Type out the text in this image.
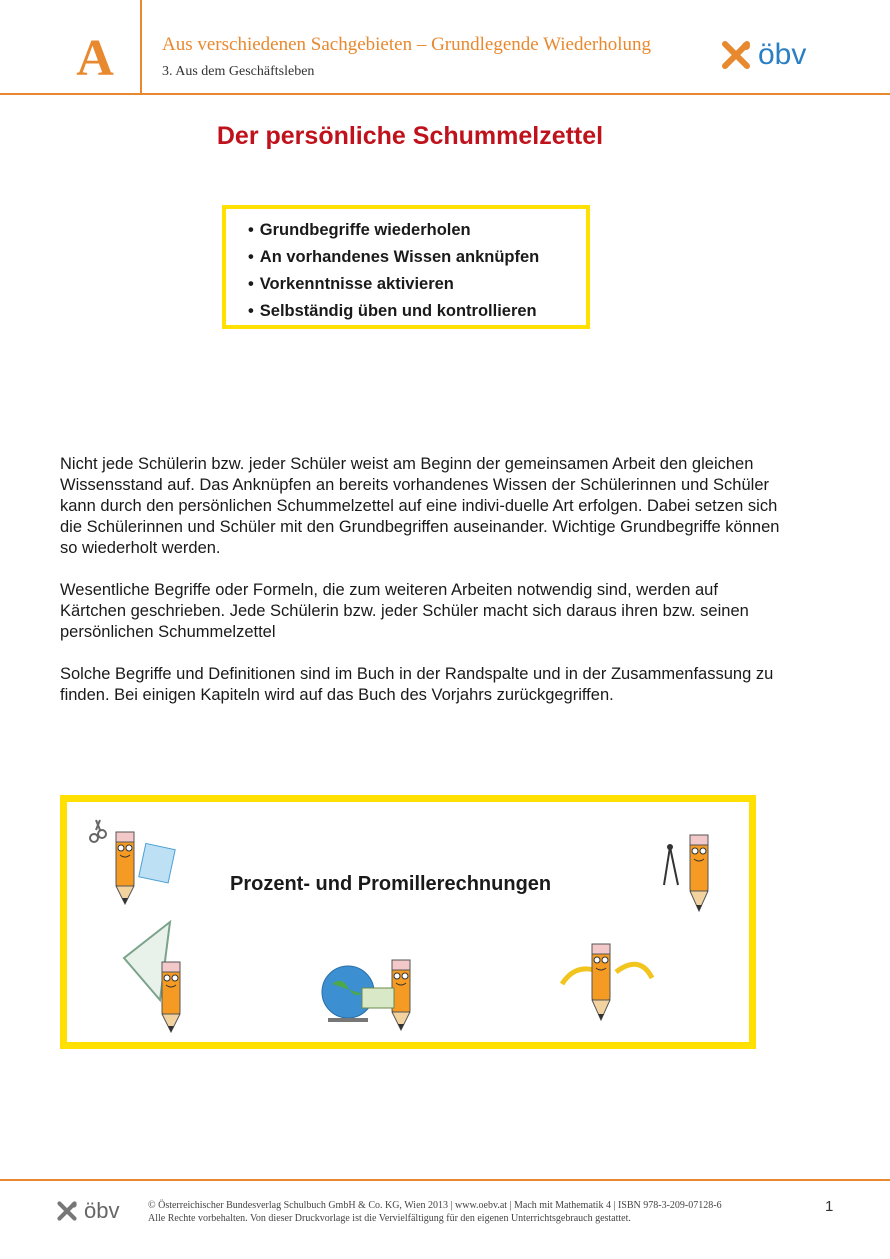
A	Aus verschiedenen Sachgebieten – Grundlegende Wiederholung
3. Aus dem Geschäftsleben
öbv
Der persönliche Schummelzettel
• Grundbegriffe wiederholen
• An vorhandenes Wissen anknüpfen
• Vorkenntnisse aktivieren
• Selbständig üben und kontrollieren

Nicht jede Schülerin bzw. jeder Schüler weist am Beginn der gemeinsamen Arbeit den gleichen Wissensstand auf. Das Anknüpfen an bereits vorhandenes Wissen der Schülerinnen und Schüler kann durch den persönlichen Schummelzettel auf eine indivi-duelle Art erfolgen. Dabei setzen sich die Schülerinnen und Schüler mit den Grundbegriffen auseinander. Wichtige Grundbegriffe können so wiederholt werden.

Wesentliche Begriffe oder Formeln, die zum weiteren Arbeiten notwendig sind, werden auf Kärtchen geschrieben. Jede Schülerin bzw. jeder Schüler macht sich daraus ihren bzw. seinen persönlichen Schummelzettel

Solche Begriffe und Definitionen sind im Buch in der Randspalte und in der Zusammenfassung zu finden. Bei einigen Kapiteln wird auf das Buch des Vorjahrs zurückgegriffen.

Prozent- und Promillerechnungen
öbv	© Österreichischer Bundesverlag Schulbuch GmbH & Co. KG, Wien 2013 | www.oebv.at | Mach mit Mathematik 4 | ISBN 978-3-209-07128-6
Alle Rechte vorbehalten. Von dieser Druckvorlage ist die Vervielfältigung für den eigenen Unterrichtsgebrauch gestattet.
1
